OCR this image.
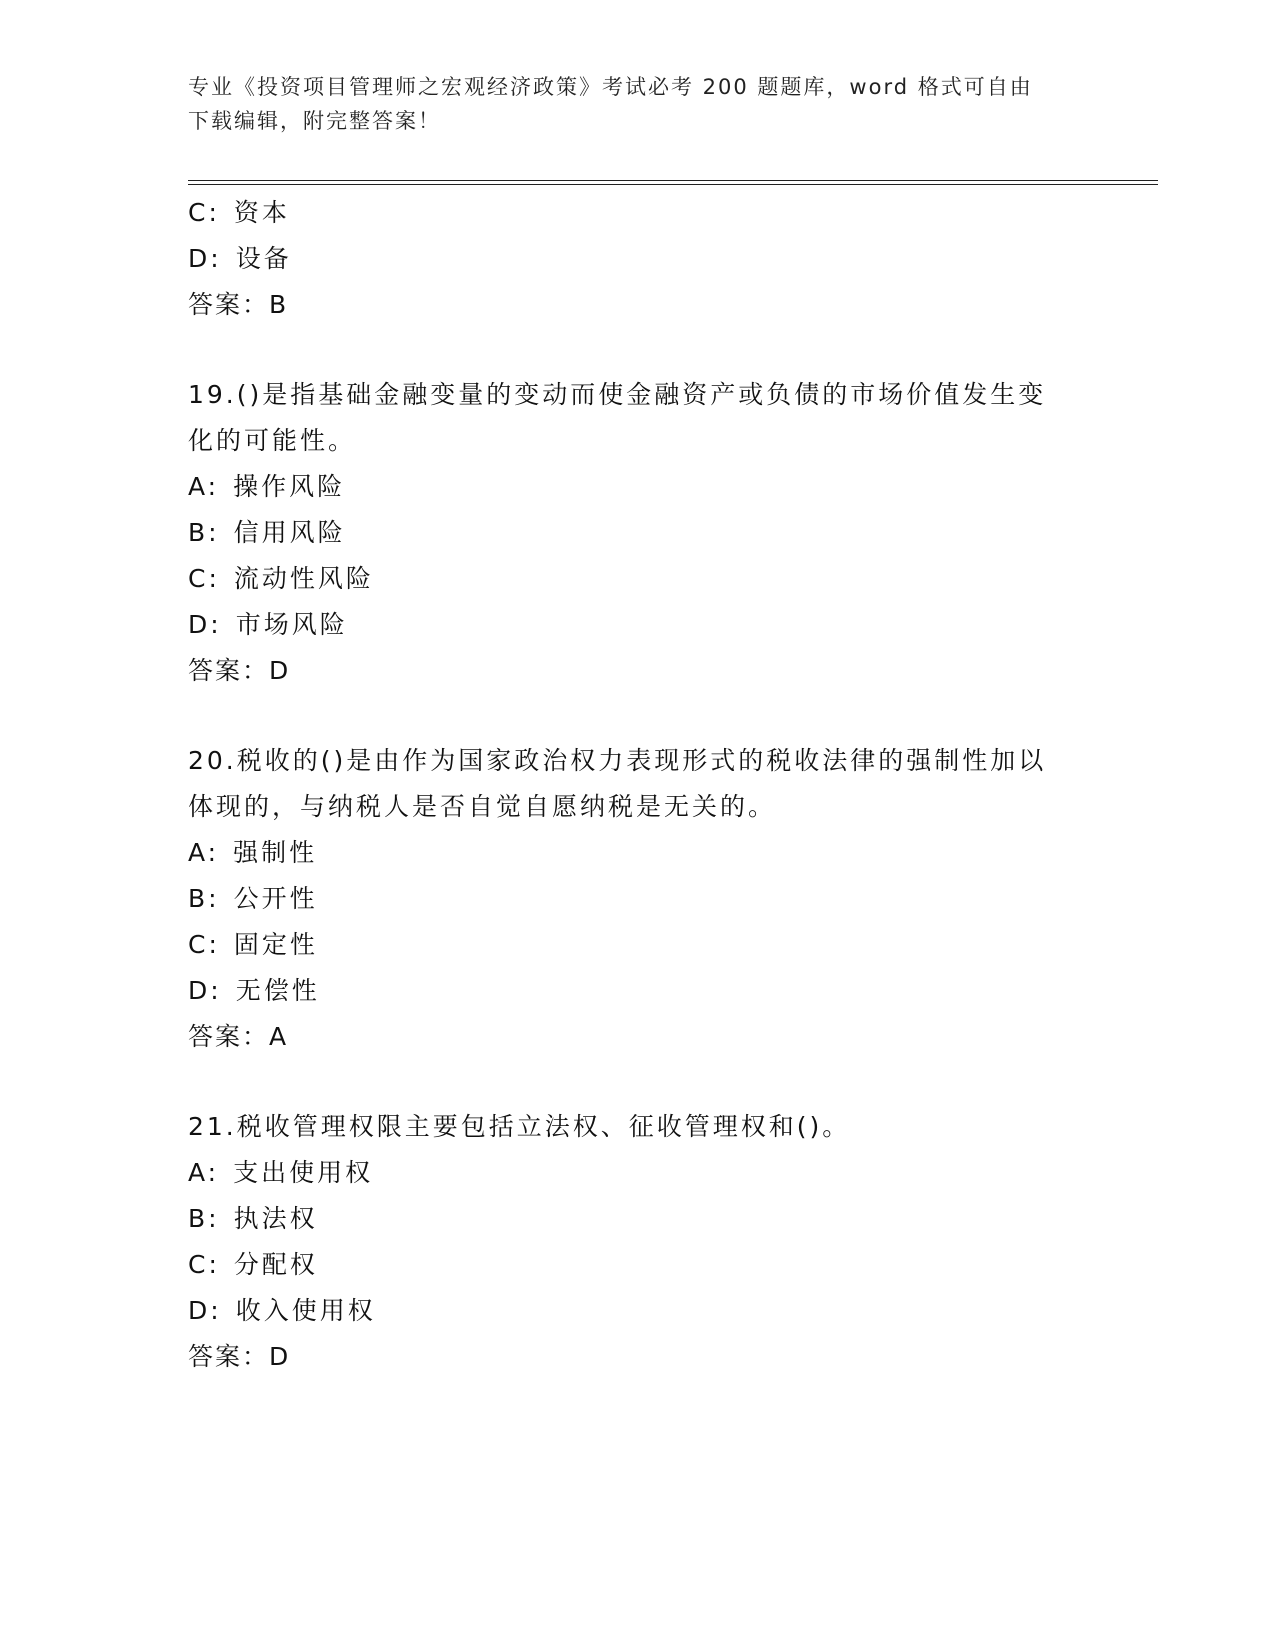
专业《投资项目管理师之宏观经济政策》考试必考 200 题题库，word 格式可自由
下载编辑，附完整答案！
C: 资本
D: 设备
答案：B
19.()是指基础金融变量的变动而使金融资产或负债的市场价值发生变
化的可能性。
A: 操作风险
B: 信用风险
C: 流动性风险
D: 市场风险
答案：D
20.税收的()是由作为国家政治权力表现形式的税收法律的强制性加以
体现的，与纳税人是否自觉自愿纳税是无关的。
A: 强制性
B: 公开性
C: 固定性
D: 无偿性
答案：A
21.税收管理权限主要包括立法权、征收管理权和()。
A: 支出使用权
B: 执法权
C: 分配权
D: 收入使用权
答案：D
